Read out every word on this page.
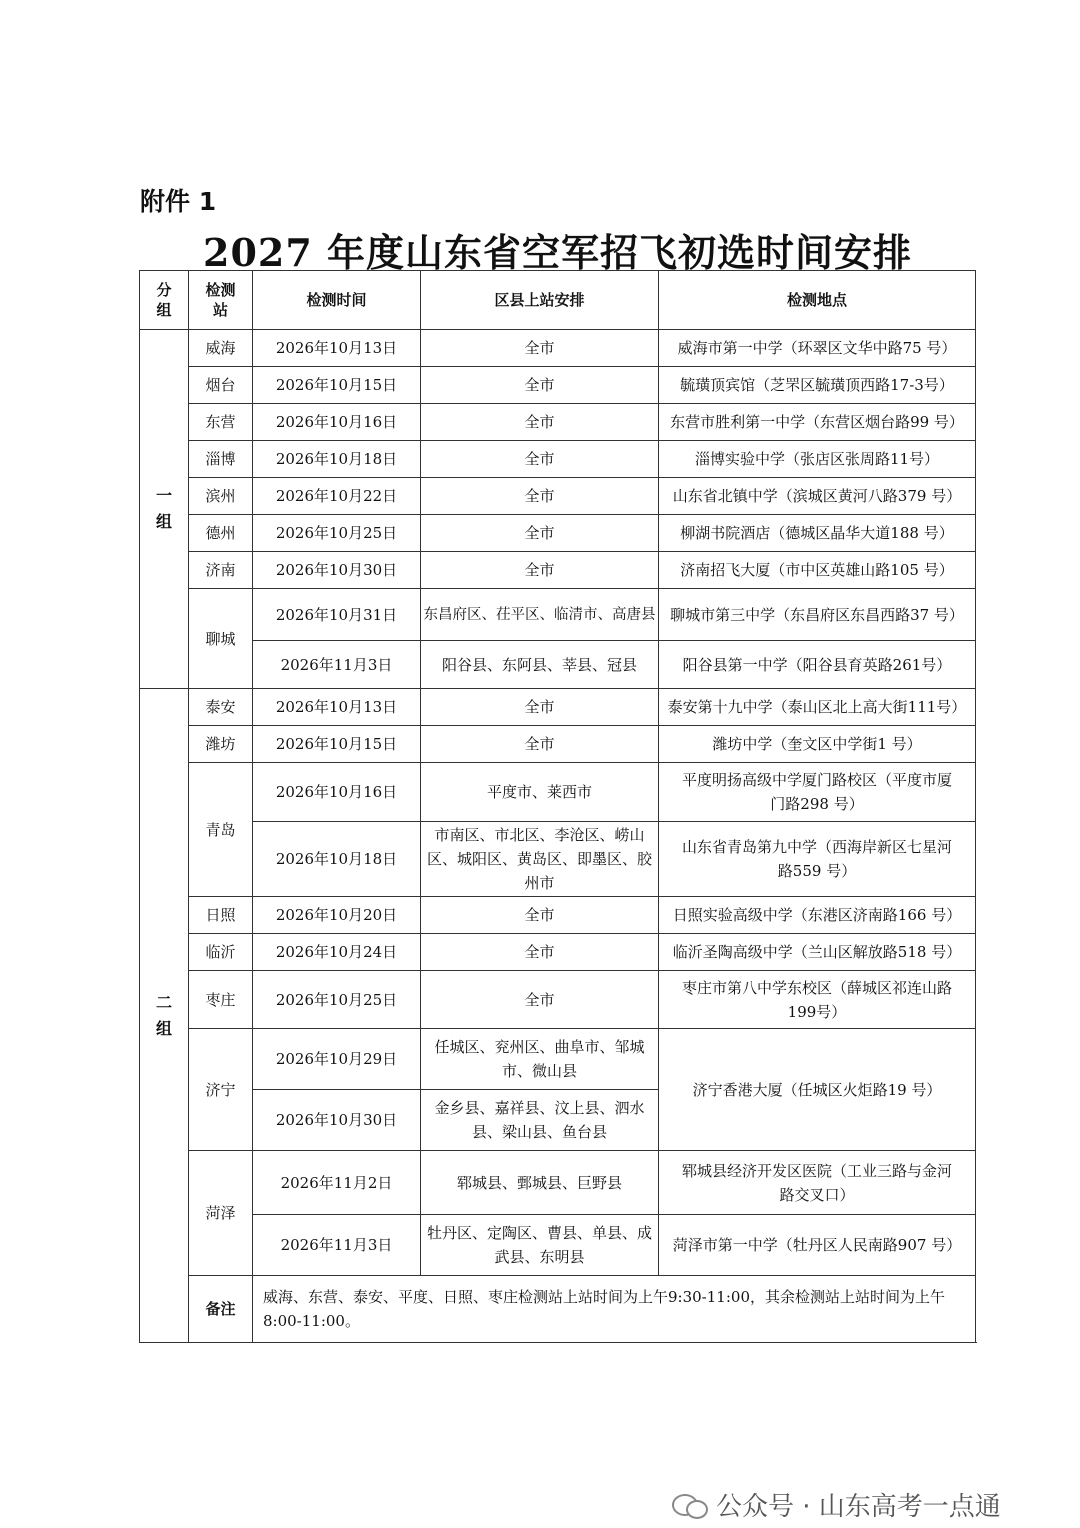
附件 1
2027 年度山东省空军招飞初选时间安排
分组	检测站	检测时间	区县上站安排	检测地点
一组	威海	2026年10月13日	全市	威海市第一中学（环翠区文华中路75 号）
	烟台	2026年10月15日	全市	毓璜顶宾馆（芝罘区毓璜顶西路17-3号）
	东营	2026年10月16日	全市	东营市胜利第一中学（东营区烟台路99 号）
	淄博	2026年10月18日	全市	淄博实验中学（张店区张周路11号）
	滨州	2026年10月22日	全市	山东省北镇中学（滨城区黄河八路379 号）
	德州	2026年10月25日	全市	柳湖书院酒店（德城区晶华大道188 号）
	济南	2026年10月30日	全市	济南招飞大厦（市中区英雄山路105 号）
	聊城	2026年10月31日	东昌府区、茌平区、临清市、高唐县	聊城市第三中学（东昌府区东昌西路37 号）
		2026年11月3日	阳谷县、东阿县、莘县、冠县	阳谷县第一中学（阳谷县育英路261号）
二组	泰安	2026年10月13日	全市	泰安第十九中学（泰山区北上高大街111号）
	潍坊	2026年10月15日	全市	潍坊中学（奎文区中学街1 号）
	青岛	2026年10月16日	平度市、莱西市	平度明扬高级中学厦门路校区（平度市厦门路298 号）
		2026年10月18日	市南区、市北区、李沧区、崂山区、城阳区、黄岛区、即墨区、胶州市	山东省青岛第九中学（西海岸新区七星河路559 号）
	日照	2026年10月20日	全市	日照实验高级中学（东港区济南路166 号）
	临沂	2026年10月24日	全市	临沂圣陶高级中学（兰山区解放路518 号）
	枣庄	2026年10月25日	全市	枣庄市第八中学东校区（薛城区祁连山路199号）
	济宁	2026年10月29日	任城区、兖州区、曲阜市、邹城市、微山县	济宁香港大厦（任城区火炬路19 号）
		2026年10月30日	金乡县、嘉祥县、汶上县、泗水县、梁山县、鱼台县	
	菏泽	2026年11月2日	郓城县、鄄城县、巨野县	郓城县经济开发区医院（工业三路与金河路交叉口）
		2026年11月3日	牡丹区、定陶区、曹县、单县、成武县、东明县	菏泽市第一中学（牡丹区人民南路907 号）
	备注	威海、东营、泰安、平度、日照、枣庄检测站上站时间为上午9:30-11:00，其余检测站上站时间为上午8:00-11:00。		
公众号 · 山东高考一点通
